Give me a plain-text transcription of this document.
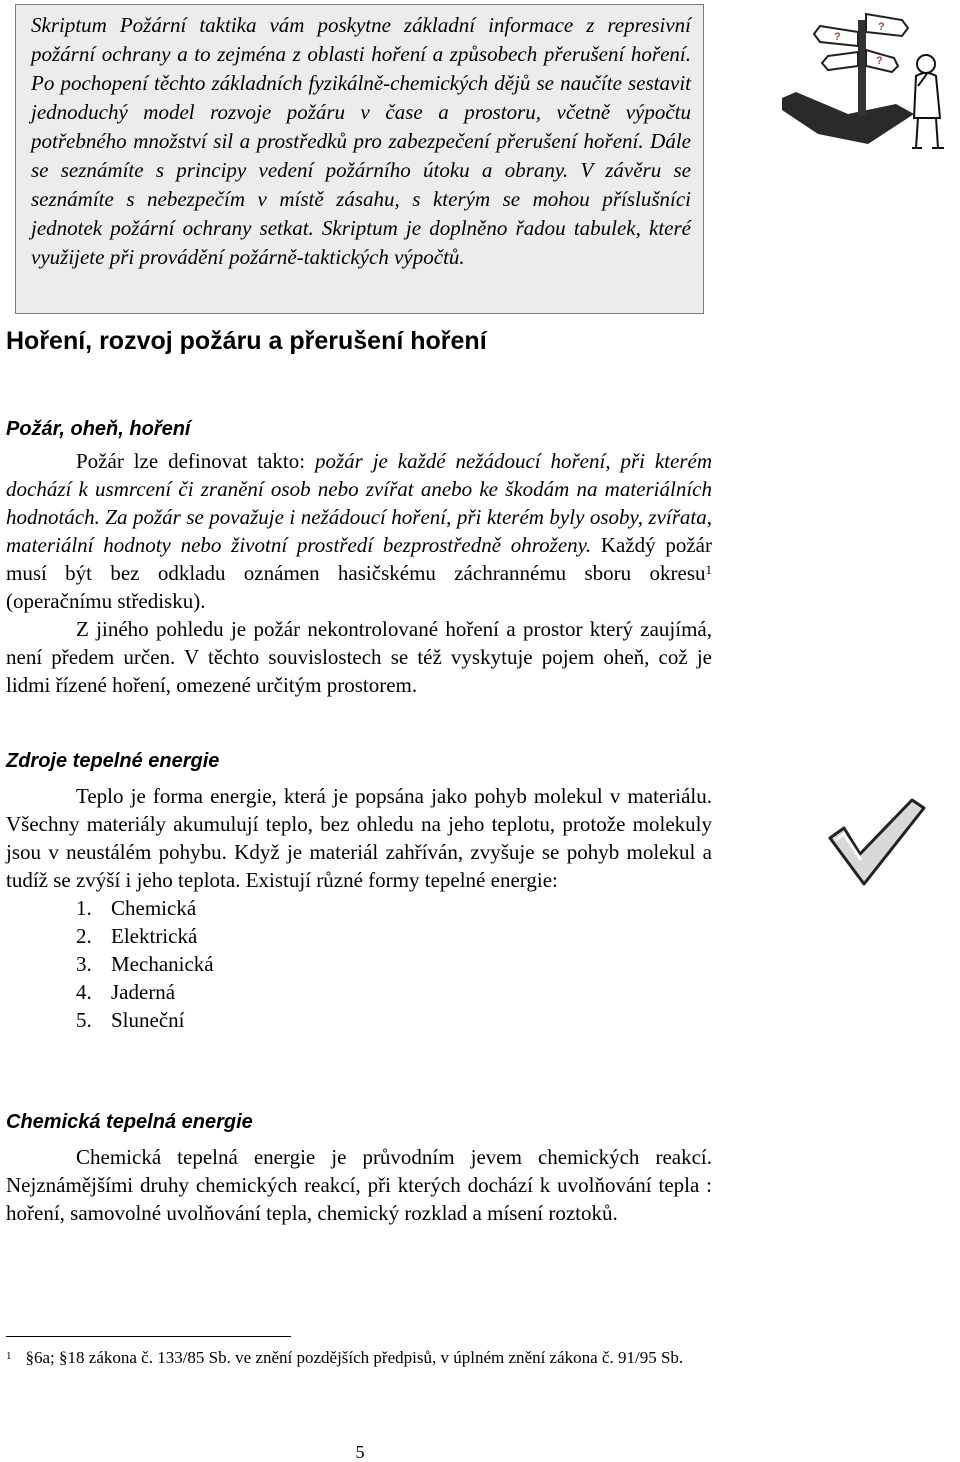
Skriptum Požární taktika vám poskytne základní informace z represivní požární ochrany a to zejména z oblasti hoření a způsobech přerušení hoření. Po pochopení těchto základních fyzikálně-chemických dějů se naučíte sestavit jednoduchý model rozvoje požáru v čase a prostoru, včetně výpočtu potřebného množství sil a prostředků pro zabezpečení přerušení hoření. Dále se seznámíte s principy vedení požárního útoku a obrany. V závěru se seznámíte s nebezpečím v místě zásahu, s kterým se mohou příslušníci jednotek požární ochrany setkat. Skriptum je doplněno řadou tabulek, které využijete při provádění požárně-taktických výpočtů.

?
?
?
Hoření, rozvoj požáru a přerušení hoření
Požár, oheň, hoření

Požár lze definovat takto: požár je každé nežádoucí hoření, při kterém dochází k usmrcení či zranění osob nebo zvířat anebo ke škodám na materiálních hodnotách. Za požár se považuje i nežádoucí hoření, při kterém byly osoby, zvířata, materiální hodnoty nebo životní prostředí bezprostředně ohroženy. Každý požár musí být bez odkladu oznámen hasičskému záchrannému sboru okresu$^1$ (operačnímu středisku).

Z jiného pohledu je požár nekontrolované hoření a prostor který zaujímá, není předem určen. V těchto souvislostech se též vyskytuje pojem oheň, což je lidmi řízené hoření, omezené určitým prostorem.

Zdroje tepelné energie

Teplo je forma energie, která je popsána jako pohyb molekul v materiálu. Všechny materiály akumulují teplo, bez ohledu na jeho teplotu, protože molekuly jsou v neustálém pohybu. Když je materiál zahříván, zvyšuje se pohyb molekul a tudíž se zvýší i jeho teplota. Existují různé formy tepelné energie:

1. Chemická
2. Elektrická
3. Mechanická
4. Jaderná
5. Sluneční
Chemická tepelná energie

Chemická tepelná energie je průvodním jevem chemických reakcí. Nejznámějšími druhy chemických reakcí, při kterých dochází k uvolňování tepla : hoření, samovolné uvolňování tepla, chemický rozklad a mísení roztoků.

$^1$ §6a; §18 zákona č. 133/85 Sb. ve znění pozdějších předpisů, v úplném znění zákona č. 91/95 Sb.

5
